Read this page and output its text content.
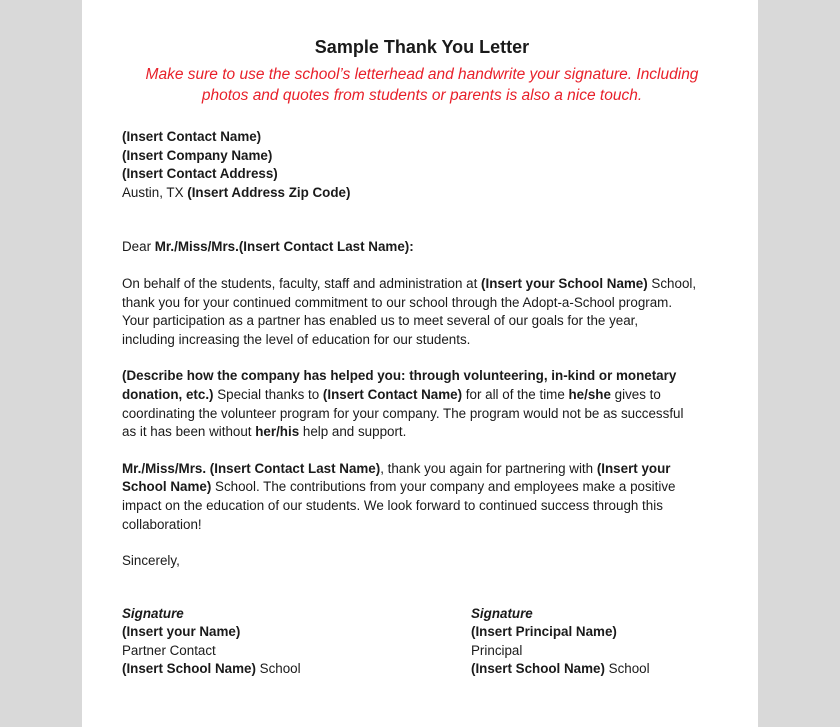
Sample Thank You Letter

Make sure to use the school’s letterhead and handwrite your signature. Including

photos and quotes from students or parents is also a nice touch.

(Insert Contact Name)
(Insert Company Name)
(Insert Contact Address)
Austin, TX (Insert Address Zip Code)
Dear Mr./Miss/Mrs.(Insert Contact Last Name):
On behalf of the students, faculty, staff and administration at (Insert your School Name) School,
thank you for your continued commitment to our school through the Adopt-a-School program.
Your participation as a partner has enabled us to meet several of our goals for the year,
including increasing the level of education for our students.
(Describe how the company has helped you: through volunteering, in-kind or monetary
donation, etc.) Special thanks to (Insert Contact Name) for all of the time he/she gives to
coordinating the volunteer program for your company. The program would not be as successful
as it has been without her/his help and support.
Mr./Miss/Mrs. (Insert Contact Last Name), thank you again for partnering with (Insert your
School Name) School. The contributions from your company and employees make a positive
impact on the education of our students. We look forward to continued success through this
collaboration!
Sincerely,
Signature
(Insert your Name)
Partner Contact
(Insert School Name) School
Signature
(Insert Principal Name)
Principal
(Insert School Name) School
